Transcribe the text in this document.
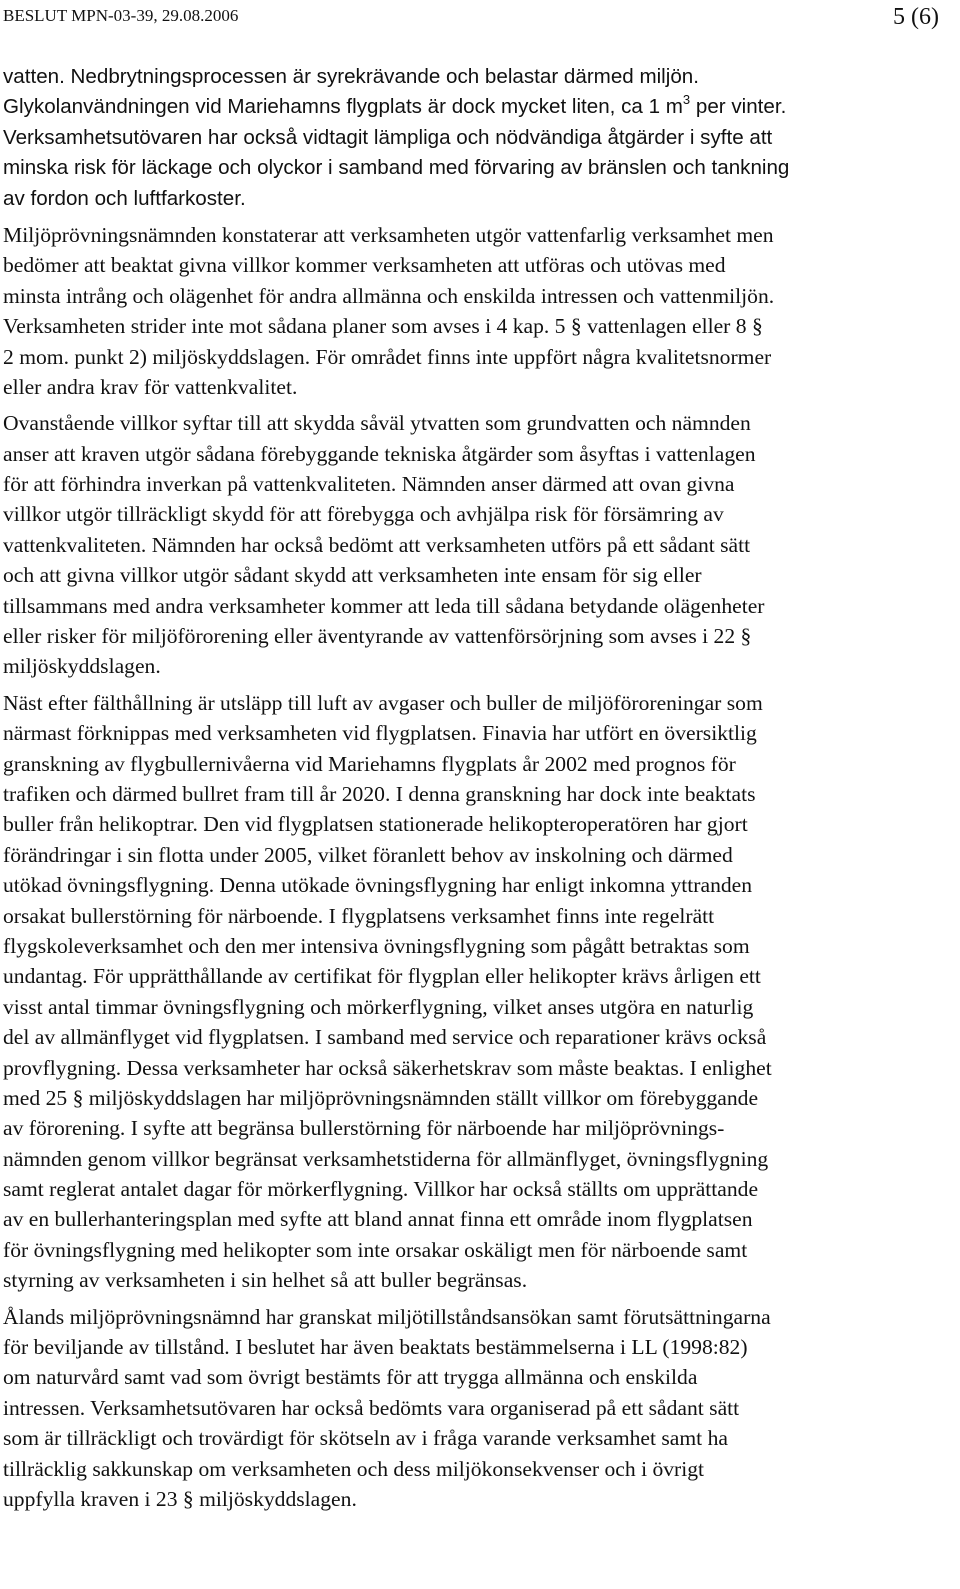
BESLUT MPN-03-39, 29.08.2006	5 (6)

vatten. Nedbrytningsprocessen är syrekrävande och belastar därmed miljön.
Glykolanvändningen vid Mariehamns flygplats är dock mycket liten, ca 1 $m^3$ per vinter.
Verksamhetsutövaren har också vidtagit lämpliga och nödvändiga åtgärder i syfte att
minska risk för läckage och olyckor i samband med förvaring av bränslen och tankning
av fordon och luftfarkoster.

Miljöprövningsnämnden konstaterar att verksamheten utgör vattenfarlig verksamhet men
bedömer att beaktat givna villkor kommer verksamheten att utföras och utövas med
minsta intrång och olägenhet för andra allmänna och enskilda intressen och vattenmiljön.
Verksamheten strider inte mot sådana planer som avses i 4 kap. 5 § vattenlagen eller 8 §
2 mom. punkt 2) miljöskyddslagen. För området finns inte uppfört några kvalitetsnormer
eller andra krav för vattenkvalitet.

Ovanstående villkor syftar till att skydda såväl ytvatten som grundvatten och nämnden
anser att kraven utgör sådana förebyggande tekniska åtgärder som åsyftas i vattenlagen
för att förhindra inverkan på vattenkvaliteten. Nämnden anser därmed att ovan givna
villkor utgör tillräckligt skydd för att förebygga och avhjälpa risk för försämring av
vattenkvaliteten. Nämnden har också bedömt att verksamheten utförs på ett sådant sätt
och att givna villkor utgör sådant skydd att verksamheten inte ensam för sig eller
tillsammans med andra verksamheter kommer att leda till sådana betydande olägenheter
eller risker för miljöförorening eller äventyrande av vattenförsörjning som avses i 22 §
miljöskyddslagen.

Näst efter fälthållning är utsläpp till luft av avgaser och buller de miljöföroreningar som
närmast förknippas med verksamheten vid flygplatsen. Finavia har utfört en översiktlig
granskning av flygbullernivåerna vid Mariehamns flygplats år 2002 med prognos för
trafiken och därmed bullret fram till år 2020. I denna granskning har dock inte beaktats
buller från helikoptrar. Den vid flygplatsen stationerade helikopteroperatören har gjort
förändringar i sin flotta under 2005, vilket föranlett behov av inskolning och därmed
utökad övningsflygning. Denna utökade övningsflygning har enligt inkomna yttranden
orsakat bullerstörning för närboende. I flygplatsens verksamhet finns inte regelrätt
flygskoleverksamhet och den mer intensiva övningsflygning som pågått betraktas som
undantag. För upprätthållande av certifikat för flygplan eller helikopter krävs årligen ett
visst antal timmar övningsflygning och mörkerflygning, vilket anses utgöra en naturlig
del av allmänflyget vid flygplatsen. I samband med service och reparationer krävs också
provflygning. Dessa verksamheter har också säkerhetskrav som måste beaktas. I enlighet
med 25 § miljöskyddslagen har miljöprövningsnämnden ställt villkor om förebyggande
av förorening. I syfte att begränsa bullerstörning för närboende har miljöprövnings-
nämnden genom villkor begränsat verksamhetstiderna för allmänflyget, övningsflygning
samt reglerat antalet dagar för mörkerflygning. Villkor har också ställts om upprättande
av en bullerhanteringsplan med syfte att bland annat finna ett område inom flygplatsen
för övningsflygning med helikopter som inte orsakar oskäligt men för närboende samt
styrning av verksamheten i sin helhet så att buller begränsas.

Ålands miljöprövningsnämnd har granskat miljötillståndsansökan samt förutsättningarna
för beviljande av tillstånd. I beslutet har även beaktats bestämmelserna i LL (1998:82)
om naturvård samt vad som övrigt bestämts för att trygga allmänna och enskilda
intressen. Verksamhetsutövaren har också bedömts vara organiserad på ett sådant sätt
som är tillräckligt och trovärdigt för skötseln av i fråga varande verksamhet samt ha
tillräcklig sakkunskap om verksamheten och dess miljökonsekvenser och i övrigt
uppfylla kraven i 23 § miljöskyddslagen.
